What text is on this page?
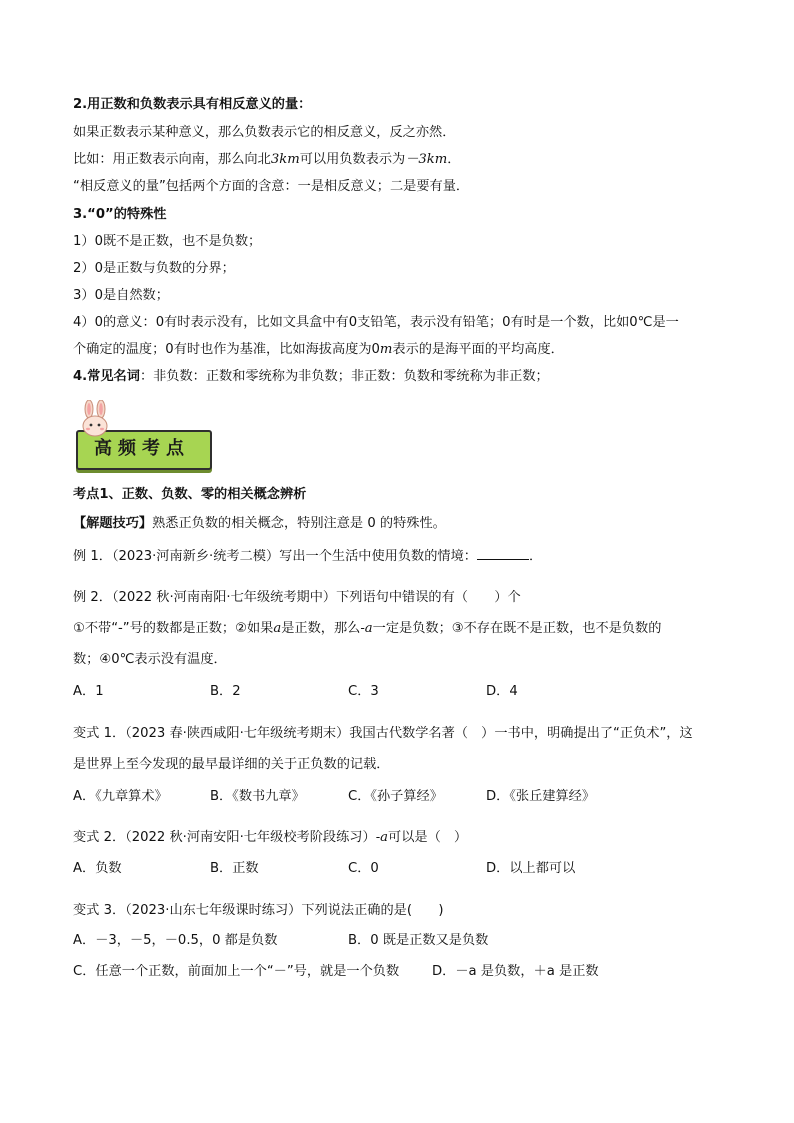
2.用正数和负数表示具有相反意义的量：
如果正数表示某种意义，那么负数表示它的相反意义，反之亦然．
比如：用正数表示向南，那么向北3km可以用负数表示为－3km．
“相反意义的量”包括两个方面的含意：一是相反意义；二是要有量．
3.“0”的特殊性
1）0既不是正数，也不是负数；
2）0是正数与负数的分界；
3）0是自然数；
4）0的意义：0有时表示没有，比如文具盒中有0支铅笔，表示没有铅笔；0有时是一个数，比如0℃是一
个确定的温度；0有时也作为基准，比如海拔高度为0m表示的是海平面的平均高度．
4.常见名词：非负数：正数和零统称为非负数；非正数：负数和零统称为非正数；
高频考点
考点1、正数、负数、零的相关概念辨析
【解题技巧】熟悉正负数的相关概念，特别注意是 0 的特殊性。
例 1．（2023·河南新乡·统考二模）写出一个生活中使用负数的情境：	．
例 2．（2022 秋·河南南阳·七年级统考期中）下列语句中错误的有（　　）个
①不带“-”号的数都是正数；②如果a是正数，那么-a一定是负数；③不存在既不是正数，也不是负数的
数；④0℃表示没有温度．
A．1	B．2	C．3	D．4
变式 1．（2023 春·陕西咸阳·七年级统考期末）我国古代数学名著（　）一书中，明确提出了“正负术”，这
是世界上至今发现的最早最详细的关于正负数的记载．
A．《九章算术》	B．《数书九章》	C．《孙子算经》	D．《张丘建算经》
变式 2．（2022 秋·河南安阳·七年级校考阶段练习）-a可以是（　）
A．负数	B．正数	C．0	D．以上都可以
变式 3．（2023·山东七年级课时练习）下列说法正确的是(　　)
A．－3，－5，－0.5，0 都是负数	B．0 既是正数又是负数
C．任意一个正数，前面加上一个“－”号，就是一个负数 D．－a 是负数，＋a 是正数
